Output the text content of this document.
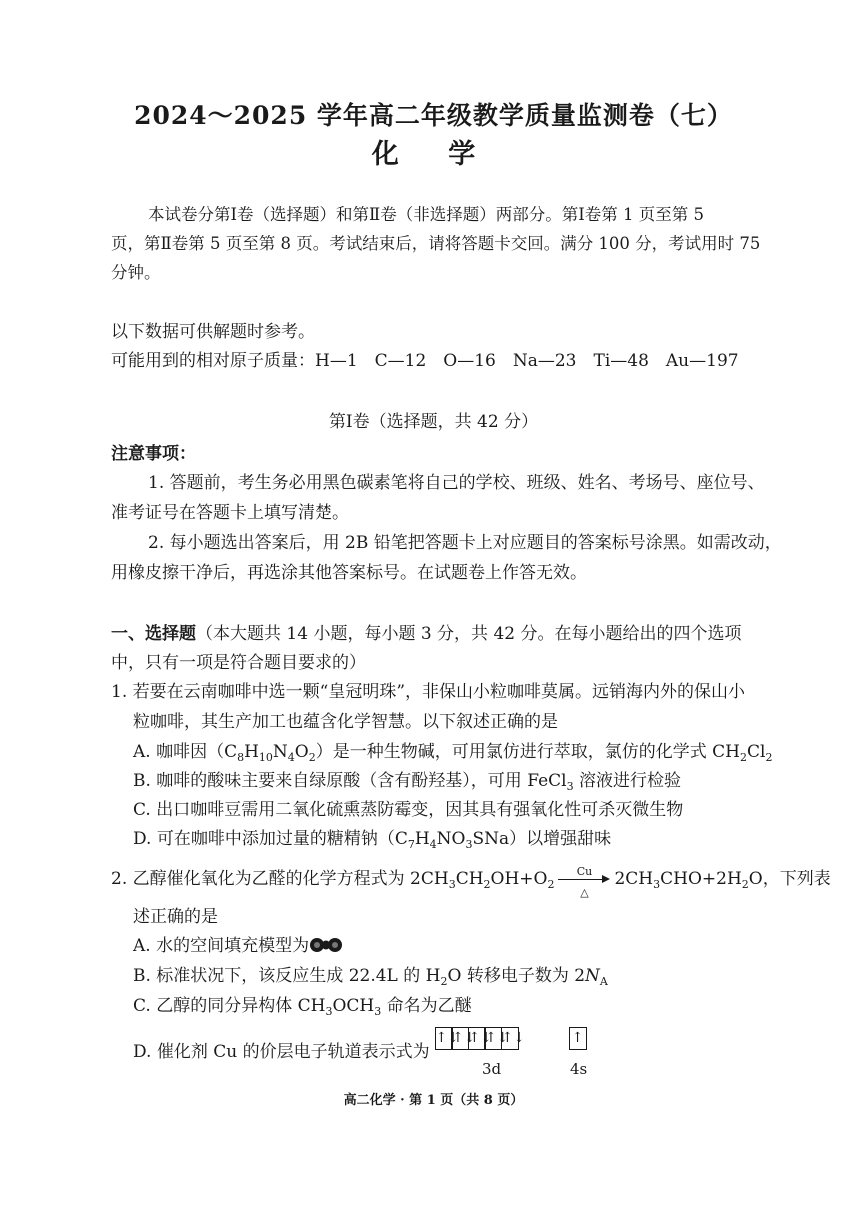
2024～2025 学年高二年级教学质量监测卷（七）
化 学
本试卷分第Ⅰ卷（选择题）和第Ⅱ卷（非选择题）两部分。第Ⅰ卷第 1 页至第 5
页，第Ⅱ卷第 5 页至第 8 页。考试结束后，请将答题卡交回。满分 100 分，考试用时 75
分钟。
以下数据可供解题时参考。
可能用到的相对原子质量：H—1　C—12　O—16　Na—23　Ti—48　Au—197
第Ⅰ卷（选择题，共 42 分）
注意事项：
1. 答题前，考生务必用黑色碳素笔将自己的学校、班级、姓名、考场号、座位号、
准考证号在答题卡上填写清楚。
2. 每小题选出答案后，用 2B 铅笔把答题卡上对应题目的答案标号涂黑。如需改动，
用橡皮擦干净后，再选涂其他答案标号。在试题卷上作答无效。
一、选择题（本大题共 14 小题，每小题 3 分，共 42 分。在每小题给出的四个选项
中，只有一项是符合题目要求的）
1. 若要在云南咖啡中选一颗“皇冠明珠”，非保山小粒咖啡莫属。远销海内外的保山小
粒咖啡，其生产加工也蕴含化学智慧。以下叙述正确的是
A. 咖啡因$(C_8H_{10}N_4O_2)$是一种生物碱，可用氯仿进行萃取，氯仿的化学式 $CH_2Cl_2$
B. 咖啡的酸味主要来自绿原酸（含有酚羟基），可用 FeCl$_3$ 溶液进行检验
C. 出口咖啡豆需用二氧化硫熏蒸防霉变，因其具有强氧化性可杀灭微生物
D. 可在咖啡中添加过量的糖精钠$(C_7H_4NO_3SNa)$以增强甜味
2. 乙醇催化氧化为乙醛的化学方程式为 $2CH_3CH_2OH+O_2$
Cu
△
$2CH_3CHO+2H_2O$，下列表
述正确的是
A. 水的空间填充模型为
B. 标准状况下，该反应生成 22.4L 的 $H_2O$ 转移电子数为 $2N_A$
C. 乙醇的同分异构体 $CH_3OCH_3$ 命名为乙醚
D. 催化剂 Cu 的价层电子轨道表示式为
↑↓↑↓↑↓↑↓↑↓	↑
3d	4s
高二化学 · 第 1 页（共 8 页）
